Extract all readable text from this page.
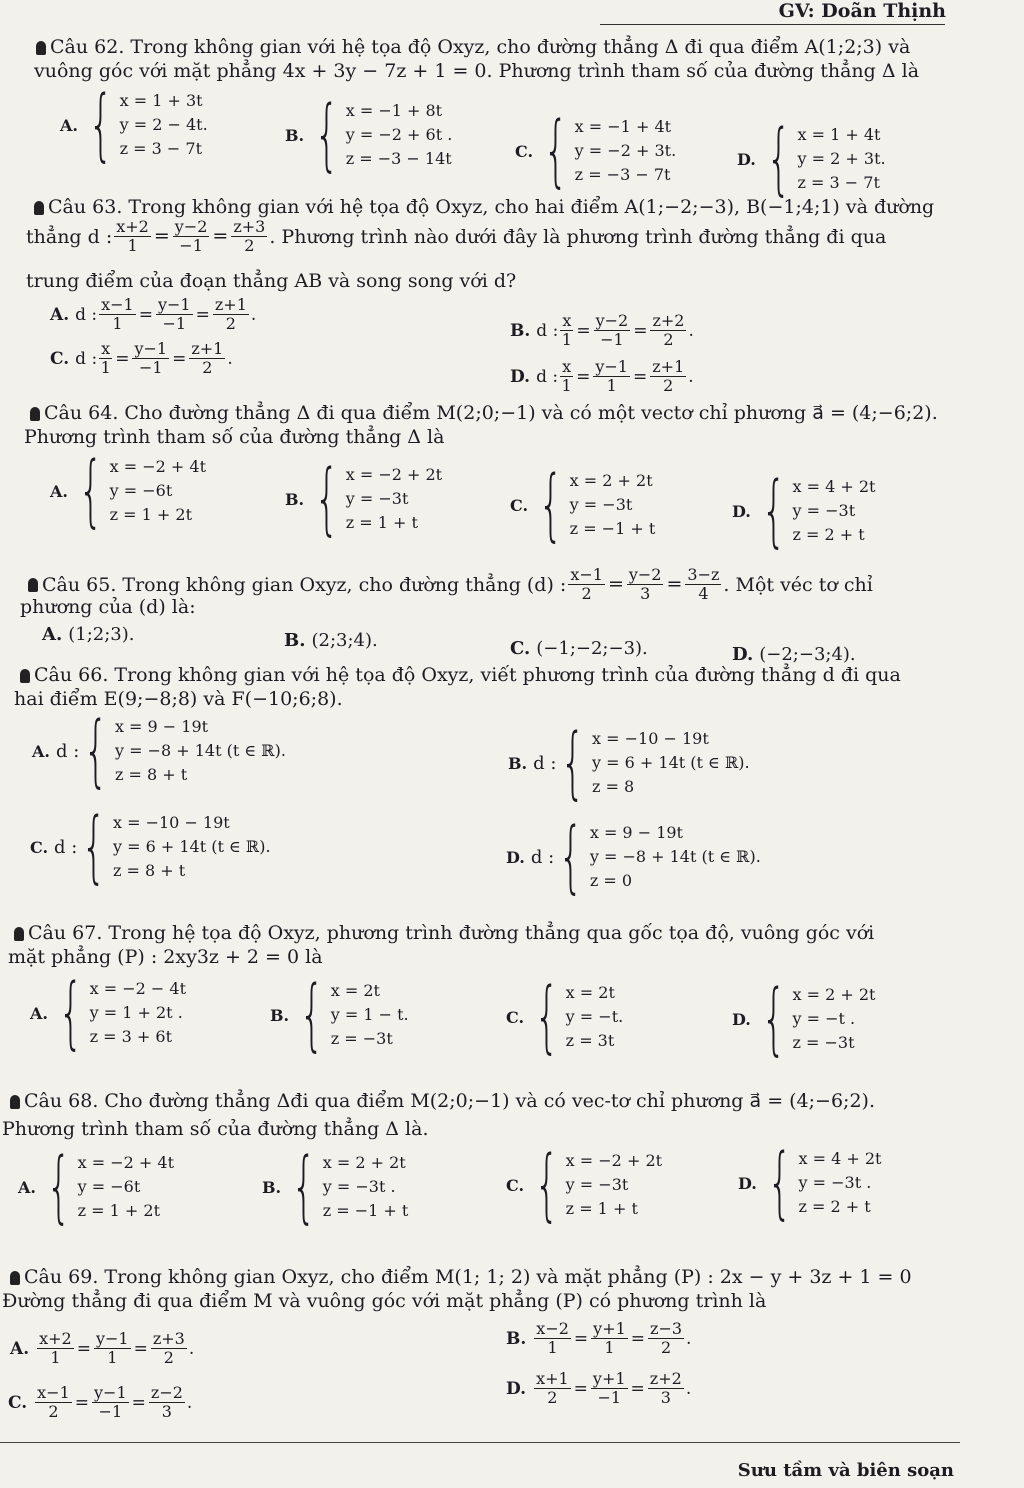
GV: Doãn Thịnh
Câu 62. Trong không gian với hệ tọa độ Oxyz, cho đường thẳng Δ đi qua điểm A(1;2;3) và
vuông góc với mặt phẳng 4x + 3y − 7z + 1 = 0. Phương trình tham số của đường thẳng Δ là
A. { x = 1 + 3t
y = 2 − 4t.
z = 3 − 7t
B. { x = −1 + 8t
y = −2 + 6t .
z = −3 − 14t	C. { x = −1 + 4t
y = −2 + 3t.
z = −3 − 7t
D. { x = 1 + 4t
y = 2 + 3t.
z = 3 − 7t
Câu 63. Trong không gian với hệ tọa độ Oxyz, cho hai điểm A(1;−2;−3), B(−1;4;1) và đường
thẳng d : $\frac{x+2}{1} = \frac{y-2}{-1} = \frac{z+3}{2}$ . Phương trình nào dưới đây là phương trình đường thẳng đi qua
trung điểm của đoạn thẳng AB và song song với d?
A. d : $\frac{x-1}{1} = \frac{y-1}{-1} = \frac{z+1}{2}$ .
B. d : $\frac{x}{1} = \frac{y-2}{-1} = \frac{z+2}{2}$ .
C. d : $\frac{x}{1} = \frac{y-1}{-1} = \frac{z+1}{2}$ .
D. d : $\frac{x}{1} = \frac{y-1}{1} = \frac{z+1}{2}$ .
Câu 64. Cho đường thẳng Δ đi qua điểm M(2;0;−1) và có một vectơ chỉ phương a⃗ = (4;−6;2).
Phương trình tham số của đường thẳng Δ là
A. { x = −2 + 4t
y = −6t
z = 1 + 2t
B. { x = −2 + 2t
y = −3t
z = 1 + t
C. { x = 2 + 2t
y = −3t
z = −1 + t
D. { x = 4 + 2t
y = −3t
z = 2 + t
Câu 65. Trong không gian Oxyz, cho đường thẳng (d) : $\frac{x-1}{2} = \frac{y-2}{3} = \frac{3-z}{4}$ . Một véc tơ chỉ
phương của (d) là:
A. (1;2;3).	B. (2;3;4).	C. (−1;−2;−3).	D. (−2;−3;4).
Câu 66. Trong không gian với hệ tọa độ Oxyz, viết phương trình của đường thẳng d đi qua
hai điểm E(9;−8;8) và F(−10;6;8).
A. d : { x = 9 − 19t
y = −8 + 14t (t ∈ ℝ).
z = 8 + t
B. d : { x = −10 − 19t
y = 6 + 14t (t ∈ ℝ).
z = 8
C. d : { x = −10 − 19t
y = 6 + 14t (t ∈ ℝ).
z = 8 + t
D. d : { x = 9 − 19t
y = −8 + 14t (t ∈ ℝ).
z = 0
Câu 67. Trong hệ tọa độ Oxyz, phương trình đường thẳng qua gốc tọa độ, vuông góc với
mặt phẳng (P) : 2xy3z + 2 = 0 là
A. { x = −2 − 4t
y = 1 + 2t .
z = 3 + 6t
B. { x = 2t
y = 1 − t.
z = −3t
C. { x = 2t
y = −t.
z = 3t
D. { x = 2 + 2t
y = −t .
z = −3t
Câu 68. Cho đường thẳng Δđi qua điểm M(2;0;−1) và có vec-tơ chỉ phương a⃗ = (4;−6;2).
Phương trình tham số của đường thẳng Δ là.
A. { x = −2 + 4t
y = −6t
z = 1 + 2t
B. { x = 2 + 2t
y = −3t .
z = −1 + t
C. { x = −2 + 2t
y = −3t
z = 1 + t
D. { x = 4 + 2t
y = −3t .
z = 2 + t
Câu 69. Trong không gian Oxyz, cho điểm M(1; 1; 2) và mặt phẳng (P) : 2x − y + 3z + 1 = 0
Đường thẳng đi qua điểm M và vuông góc với mặt phẳng (P) có phương trình là
A. $\frac{x+2}{1} = \frac{y-1}{1} = \frac{z+3}{2}$ .	B. $\frac{x-2}{1} = \frac{y+1}{1} = \frac{z-3}{2}$ .
C. $\frac{x-1}{2} = \frac{y-1}{-1} = \frac{z-2}{3}$ .
D. $\frac{x+1}{2} = \frac{y+1}{-1} = \frac{z+2}{3}$ .
Sưu tầm và biên soạn
